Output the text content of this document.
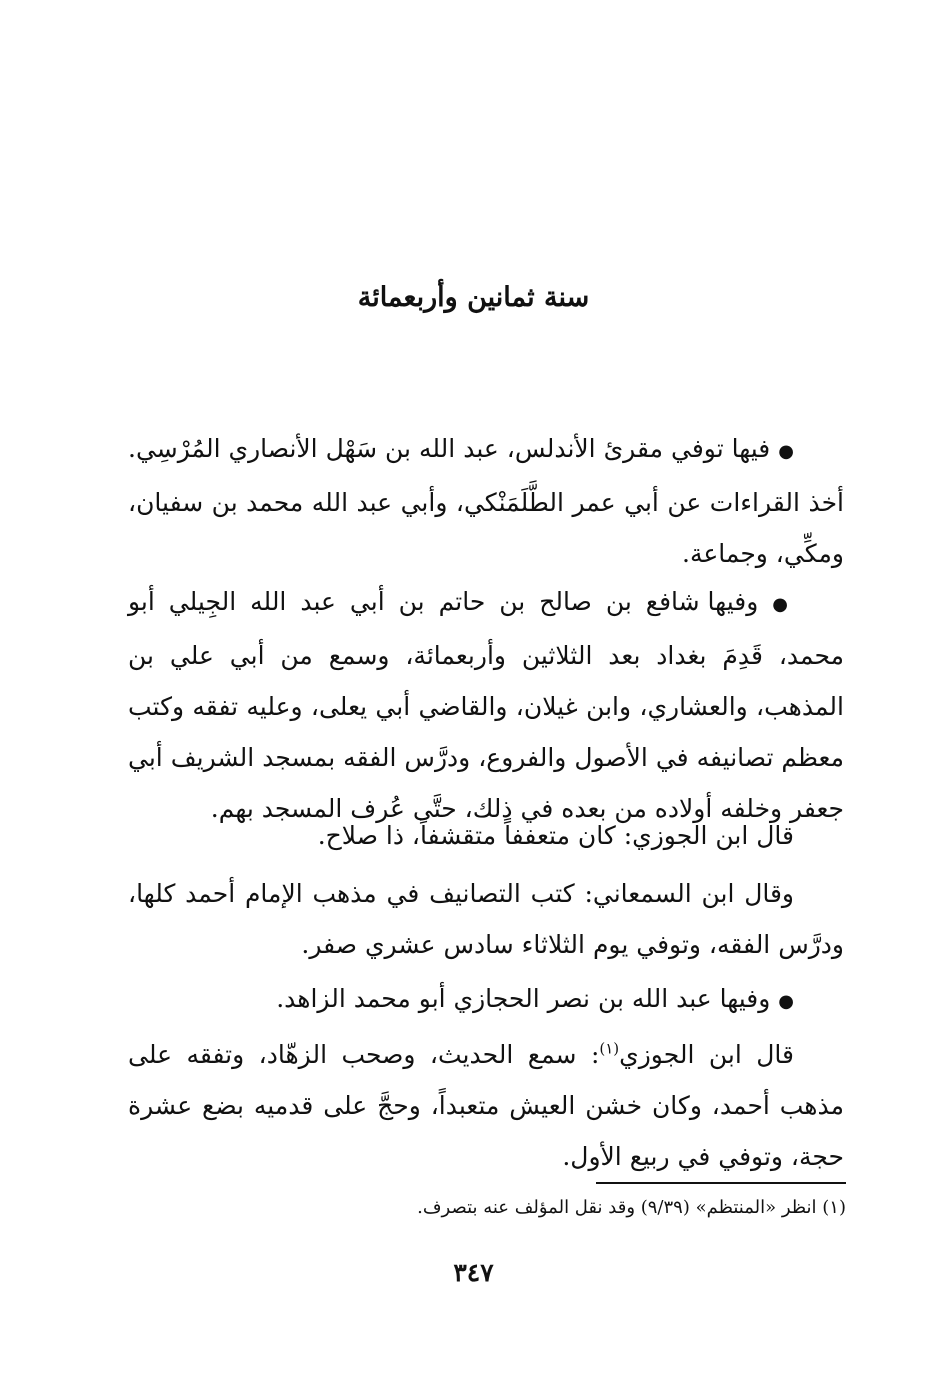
سنة ثمانين وأربعمائة

● فيها توفي مقرئ الأندلس، عبد الله بن سَهْل الأنصاري المُرْسِي. أخذ القراءات عن أبي عمر الطَّلَمَنْكي، وأبي عبد الله محمد بن سفيان، ومكِّي، وجماعة.

● وفيها شافع بن صالح بن حاتم بن أبي عبد الله الجِيلي أبو محمد، قَدِمَ بغداد بعد الثلاثين وأربعمائة، وسمع من أبي علي بن المذهب، والعشاري، وابن غيلان، والقاضي أبي يعلى، وعليه تفقه وكتب معظم تصانيفه في الأصول والفروع، ودرَّس الفقه بمسجد الشريف أبي جعفر وخلفه أولاده من بعده في ذلك، حتَّى عُرف المسجد بهم.

قال ابن الجوزي: كان متعففاً متقشفاً، ذا صلاح.

وقال ابن السمعاني: كتب التصانيف في مذهب الإمام أحمد كلها، ودرَّس الفقه، وتوفي يوم الثلاثاء سادس عشري صفر.

● وفيها عبد الله بن نصر الحجازي أبو محمد الزاهد.

قال ابن الجوزي$^{(١)}$: سمع الحديث، وصحب الزهّاد، وتفقه على مذهب أحمد، وكان خشن العيش متعبداً، وحجَّ على قدميه بضع عشرة حجة، وتوفي في ربيع الأول.

(١) انظر «المنتظم» (٩/٣٩) وقد نقل المؤلف عنه بتصرف.
٣٤٧
